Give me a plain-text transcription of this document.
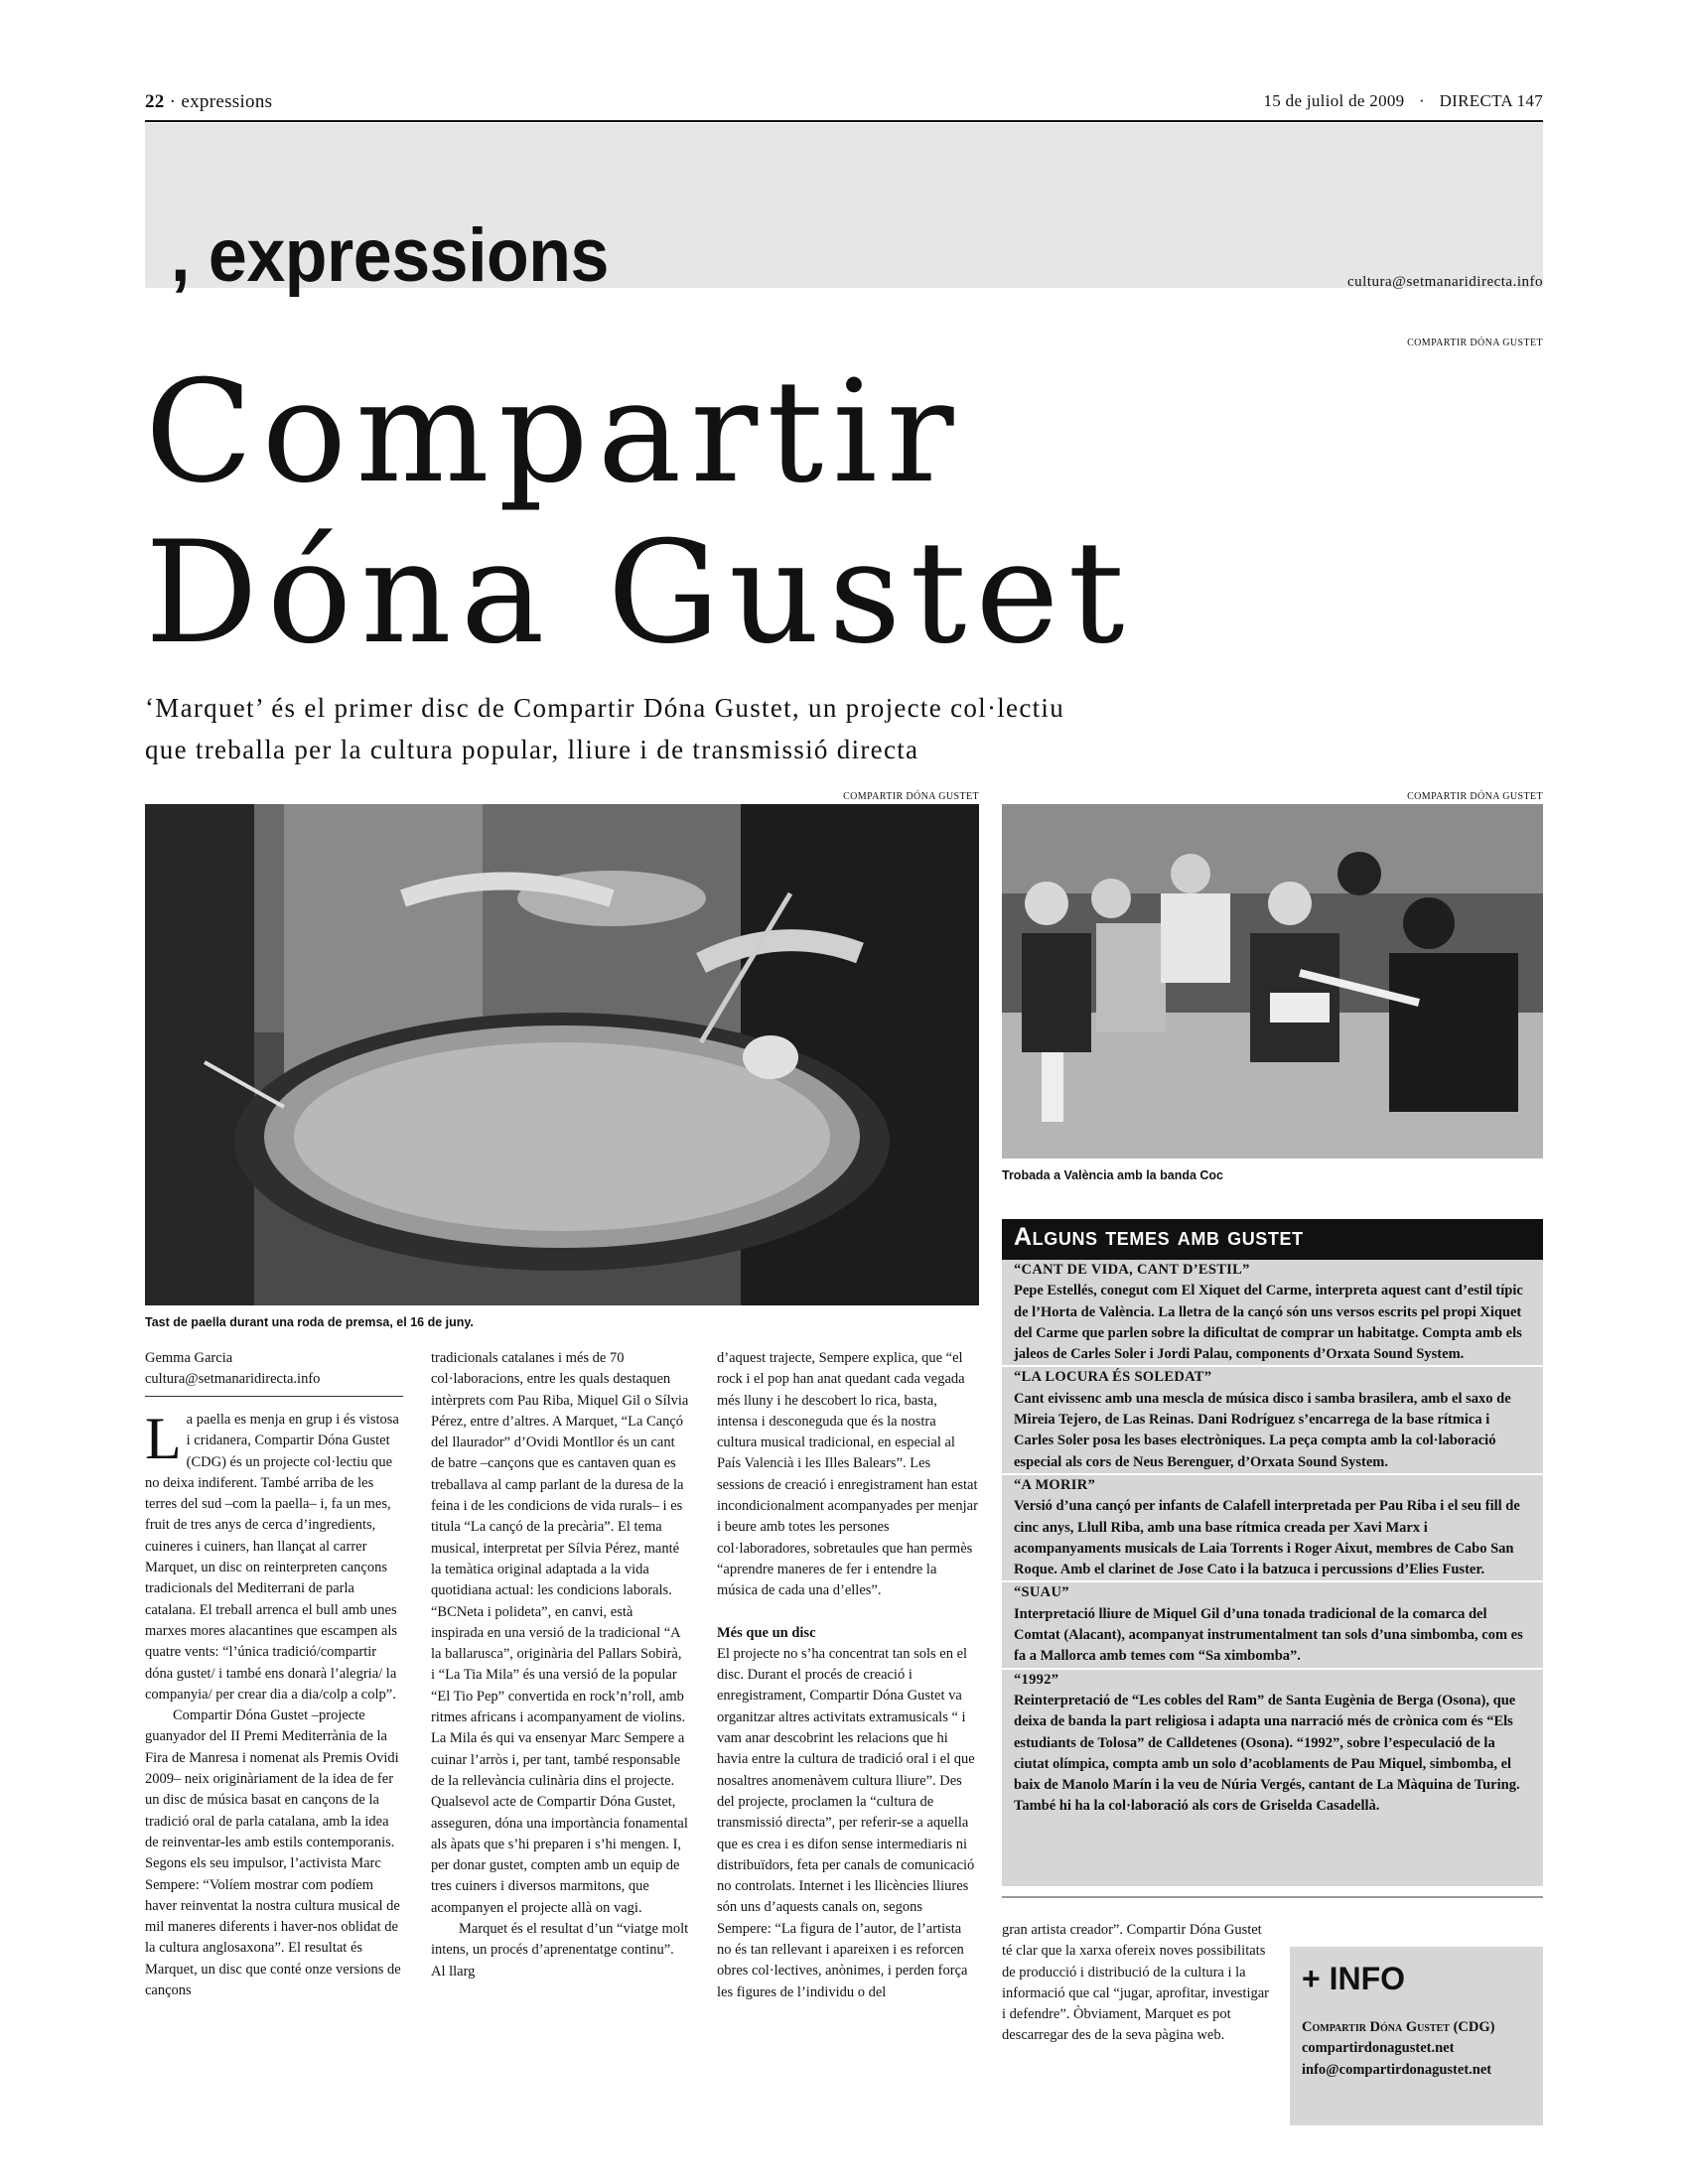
22 · expressions	15 de juliol de 2009 · DIRECTA 147
, expressions	cultura@setmanaridirecta.info
COMPARTIR DÓNA GUSTET
Compartir
Dóna Gustet
‘Marquet’ és el primer disc de Compartir Dóna Gustet, un projecte col·lectiu
que treballa per la cultura popular, lliure i de transmissió directa
COMPARTIR DÓNA GUSTET
Tast de paella durant una roda de premsa, el 16 de juny.
COMPARTIR DÓNA GUSTET
Trobada a València amb la banda Coc
Gemma Garcia
cultura@setmanaridirecta.info

La paella es menja en grup i és vistosa i cridanera, Compartir Dóna Gustet (CDG) és un projecte col·lectiu que no deixa indiferent. També arriba de les terres del sud –com la paella– i, fa un mes, fruit de tres anys de cerca d’ingredients, cuineres i cuiners, han llançat al carrer Marquet, un disc on reinterpreten cançons tradicionals del Mediterrani de parla catalana. El treball arrenca el bull amb unes marxes mores alacantines que escampen als quatre vents: “l’única tradició/compartir dóna gustet/ i també ens donarà l’alegria/ la companyia/ per crear dia a dia/colp a colp”.

Compartir Dóna Gustet –projecte guanyador del II Premi Mediterrània de la Fira de Manresa i nomenat als Premis Ovidi 2009– neix originàriament de la idea de fer un disc de música basat en cançons de la tradició oral de parla catalana, amb la idea de reinventar-les amb estils contemporanis. Segons els seu impulsor, l’activista Marc Sempere: “Volíem mostrar com podíem haver reinventat la nostra cultura musical de mil maneres diferents i haver-nos oblidat de la cultura anglosaxona”. El resultat és Marquet, un disc que conté onze versions de cançons

tradicionals catalanes i més de 70 col·laboracions, entre les quals destaquen intèrprets com Pau Riba, Miquel Gil o Sílvia Pérez, entre d’altres. A Marquet, “La Cançó del llaurador” d’Ovidi Montllor és un cant de batre –cançons que es cantaven quan es treballava al camp parlant de la duresa de la feina i de les condicions de vida rurals– i es titula “La cançó de la precària”. El tema musical, interpretat per Sílvia Pérez, manté la temàtica original adaptada a la vida quotidiana actual: les condicions laborals. “BCNeta i polideta”, en canvi, està inspirada en una versió de la tradicional “A la ballarusca”, originària del Pallars Sobirà, i “La Tia Mila” és una versió de la popular “El Tio Pep” convertida en rock’n’roll, amb ritmes africans i acompanyament de violins. La Mila és qui va ensenyar Marc Sempere a cuinar l’arròs i, per tant, també responsable de la rellevància culinària dins el projecte. Qualsevol acte de Compartir Dóna Gustet, asseguren, dóna una importància fonamental als àpats que s’hi preparen i s’hi mengen. I, per donar gustet, compten amb un equip de tres cuiners i diversos marmitons, que acompanyen el projecte allà on vagi.

Marquet és el resultat d’un “viatge molt intens, un procés d’aprenentatge continu”. Al llarg

d’aquest trajecte, Sempere explica, que “el rock i el pop han anat quedant cada vegada més lluny i he descobert lo rica, basta, intensa i desconeguda que és la nostra cultura musical tradicional, en especial al País Valencià i les Illes Balears”. Les sessions de creació i enregistrament han estat incondicionalment acompanyades per menjar i beure amb totes les persones col·laboradores, sobretaules que han permès “aprendre maneres de fer i entendre la música de cada una d’elles”.

Més que un disc

El projecte no s’ha concentrat tan sols en el disc. Durant el procés de creació i enregistrament, Compartir Dóna Gustet va organitzar altres activitats extramusicals “ i vam anar descobrint les relacions que hi havia entre la cultura de tradició oral i el que nosaltres anomenàvem cultura lliure”. Des del projecte, proclamen la “cultura de transmissió directa”, per referir-se a aquella que es crea i es difon sense intermediaris ni distribuïdors, feta per canals de comunicació no controlats. Internet i les llicències lliures són uns d’aquests canals on, segons Sempere: “La figura de l’autor, de l’artista no és tan rellevant i apareixen i es reforcen obres col·lectives, anònimes, i perden força les figures de l’individu o del

Alguns temes amb gustet
“CANT DE VIDA, CANT D’ESTIL”
Pepe Estellés, conegut com El Xiquet del Carme, interpreta aquest cant d’estil típic de l’Horta de València. La lletra de la cançó són uns versos escrits pel propi Xiquet del Carme que parlen sobre la dificultat de comprar un habitatge. Compta amb els jaleos de Carles Soler i Jordi Palau, components d’Orxata Sound System.
“LA LOCURA ÉS SOLEDAT”
Cant eivissenc amb una mescla de música disco i samba brasilera, amb el saxo de Mireia Tejero, de Las Reinas. Dani Rodríguez s’encarrega de la base rítmica i Carles Soler posa les bases electròniques. La peça compta amb la col·laboració especial als cors de Neus Berenguer, d’Orxata Sound System.
“A MORIR”
Versió d’una cançó per infants de Calafell interpretada per Pau Riba i el seu fill de cinc anys, Llull Riba, amb una base rítmica creada per Xavi Marx i acompanyaments musicals de Laia Torrents i Roger Aixut, membres de Cabo San Roque. Amb el clarinet de Jose Cato i la batzuca i percussions d’Elies Fuster.
“SUAU”
Interpretació lliure de Miquel Gil d’una tonada tradicional de la comarca del Comtat (Alacant), acompanyat instrumentalment tan sols d’una simbomba, com es fa a Mallorca amb temes com “Sa ximbomba”.
“1992”
Reinterpretació de “Les cobles del Ram” de Santa Eugènia de Berga (Osona), que deixa de banda la part religiosa i adapta una narració més de crònica com és “Els estudiants de Tolosa” de Calldetenes (Osona). “1992”, sobre l’especulació de la ciutat olímpica, compta amb un solo d’acoblaments de Pau Miquel, simbomba, el baix de Manolo Marín i la veu de Núria Vergés, cantant de La Màquina de Turing. També hi ha la col·laboració als cors de Griselda Casadellà.

gran artista creador”. Compartir Dóna Gustet té clar que la xarxa ofereix noves possibilitats de producció i distribució de la cultura i la informació que cal “jugar, aprofitar, investigar i defendre”. Òbviament, Marquet es pot descarregar des de la seva pàgina web.

+ INFO
Compartir Dóna Gustet (CDG)
compartirdonagustet.net
info@compartirdonagustet.net
